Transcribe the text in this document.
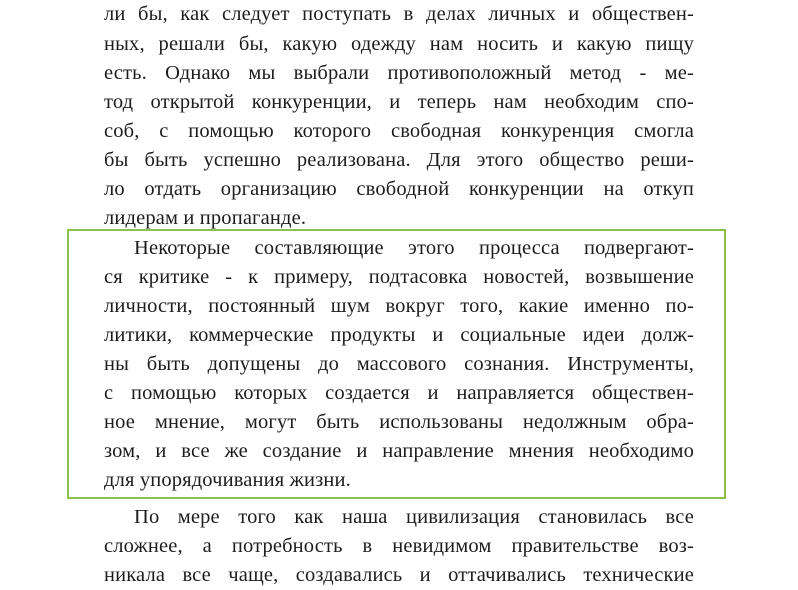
ли бы, как следует поступать в делах личных и обществен-
ных, решали бы, какую одежду нам носить и какую пищу
есть. Однако мы выбрали противоположный метод - ме-
тод открытой конкуренции, и теперь нам необходим спо-
соб, с помощью которого свободная конкуренция смогла
бы быть успешно реализована. Для этого общество реши-
ло отдать организацию свободной конкуренции на откуп
лидерам и пропаганде.
Некоторые составляющие этого процесса подвергают-
ся критике - к примеру, подтасовка новостей, возвышение
личности, постоянный шум вокруг того, какие именно по-
литики, коммерческие продукты и социальные идеи долж-
ны быть допущены до массового сознания. Инструменты,
с помощью которых создается и направляется обществен-
ное мнение, могут быть использованы недолжным обра-
зом, и все же создание и направление мнения необходимо
для упорядочивания жизни.
По мере того как наша цивилизация становилась все
сложнее, а потребность в невидимом правительстве воз-
никала все чаще, создавались и оттачивались технические
